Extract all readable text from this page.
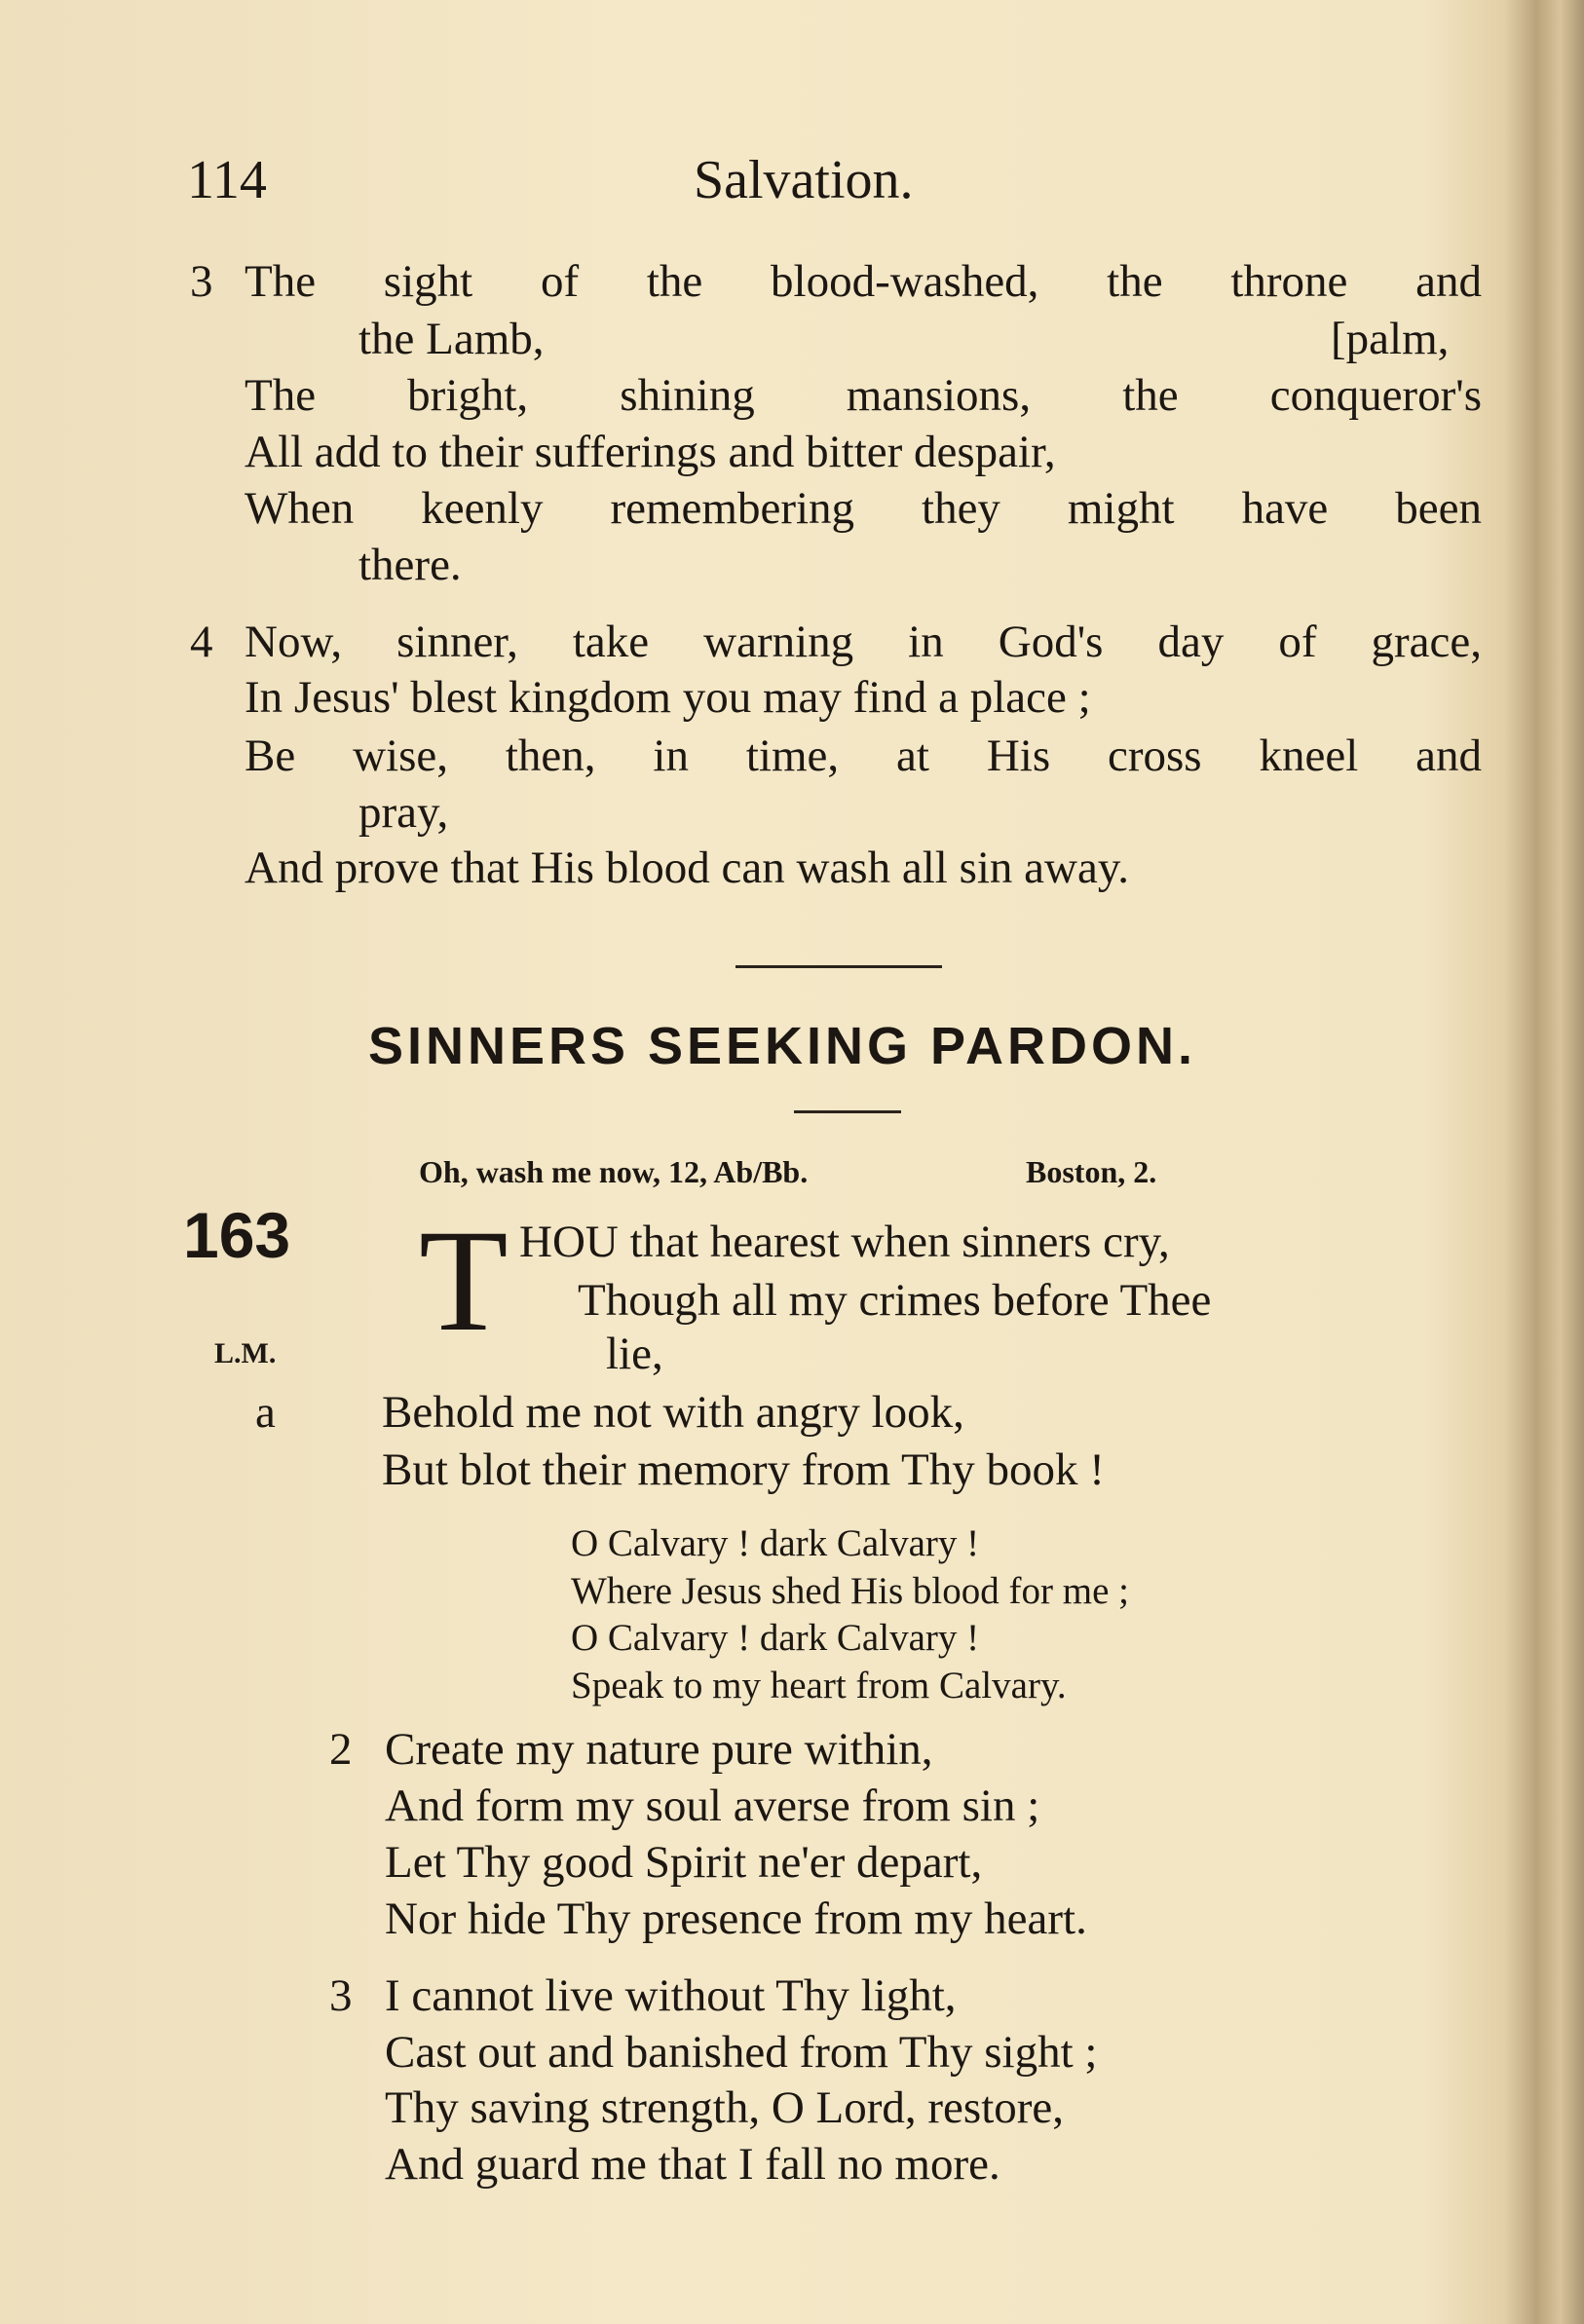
114	Salvation.
3 The sight of the blood-washed, the throne and
the Lamb,	[palm,
The bright, shining mansions, the conqueror's
All add to their sufferings and bitter despair,
When keenly remembering they might have been
there.
4 Now, sinner, take warning in God's day of grace,
In Jesus' blest kingdom you may find a place ;
Be wise, then, in time, at His cross kneel and
pray,
And prove that His blood can wash all sin away.
SINNERS SEEKING PARDON.
Oh, wash me now, 12, Ab/Bb.	Boston, 2.
163
L.M. T HOU that hearest when sinners cry,
Though all my crimes before Thee
lie,
a Behold me not with angry look,
But blot their memory from Thy book !
O Calvary ! dark Calvary !
Where Jesus shed His blood for me ;
O Calvary ! dark Calvary !
Speak to my heart from Calvary.
2 Create my nature pure within,
And form my soul averse from sin ;
Let Thy good Spirit ne'er depart,
Nor hide Thy presence from my heart.
3 I cannot live without Thy light,
Cast out and banished from Thy sight ;
Thy saving strength, O Lord, restore,
And guard me that I fall no more.
